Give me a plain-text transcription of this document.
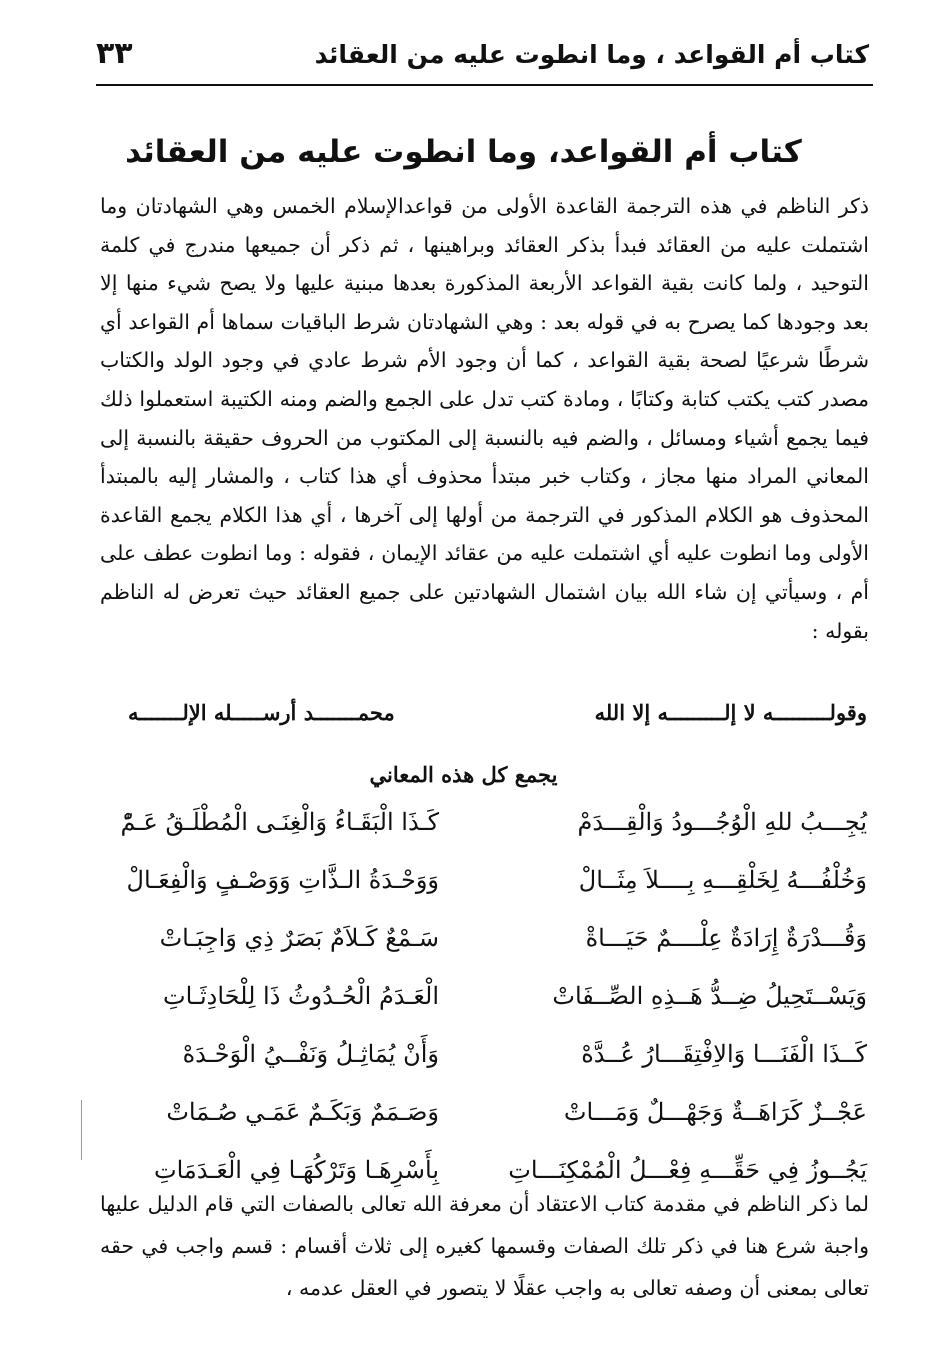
كتاب أم القواعد ، وما انطوت عليه من العقائد
٣٣
كتاب أم القواعد، وما انطوت عليه من العقائد

ذكر الناظم في هذه الترجمة القاعدة الأولى من قواعدالإسلام الخمس وهي الشهادتان وما اشتملت عليه من العقائد فبدأ بذكر العقائد وبراهينها ، ثم ذكر أن جميعها مندرج في كلمة التوحيد ، ولما كانت بقية القواعد الأربعة المذكورة بعدها مبنية عليها ولا يصح شيء منها إلا بعد وجودها كما يصرح به في قوله بعد : وهي الشهادتان شرط الباقيات سماها أم القواعد أي شرطًا شرعيًا لصحة بقية القواعد ، كما أن وجود الأم شرط عادي في وجود الولد والكتاب مصدر كتب يكتب كتابة وكتابًا ، ومادة كتب تدل على الجمع والضم ومنه الكتيبة استعملوا ذلك فيما يجمع أشياء ومسائل ، والضم فيه بالنسبة إلى المكتوب من الحروف حقيقة بالنسبة إلى المعاني المراد منها مجاز ، وكتاب خبر مبتدأ محذوف أي هذا كتاب ، والمشار إليه بالمبتدأ المحذوف هو الكلام المذكور في الترجمة من أولها إلى آخرها ، أي هذا الكلام يجمع القاعدة الأولى وما انطوت عليه أي اشتملت عليه من عقائد الإيمان ، فقوله : وما انطوت عطف على أم ، وسيأتي إن شاء الله بيان اشتمال الشهادتين على جميع العقائد حيث تعرض له الناظم بقوله :

وقولـــــــــه لا إلـــــــــه إلا الله
محمـــــــد أرســـــله الإلـــــــه
يجمع كل هذه المعاني
يُجِـــبُ للهِ الْوُجُـــودُ وَالْقِـــدَمْ
كَـذَا الْبَقَـاءُ وَالْغِنَـى الْمُطْلَـقُ عَـمّْ
وَخُلْفُـــهُ لِخَلْقِـــهِ بِــــلاَ مِثَــالْ
وَوَحْـدَةُ الـذَّاتِ وَوَصْـفٍ وَالْفِعَـالْ
وَقُـــدْرَةٌ إِرَادَةٌ عِلْــــمٌ حَيَـــاةْ
سَـمْعٌ كَـلاَمٌ بَصَرٌ ذِي وَاجِبَـاتْ
وَيَسْــتَحِيلُ ضِــدُّ هَــذِهِ الصِّــفَاتْ
الْعَـدَمُ الْحُـدُوثُ ذَا لِلْحَادِثَـاتِ
كَــذَا الْفَنَـــا وَالاِفْتِقَـــارُ عُــدَّهْ
وَأَنْ يُمَاثِـلُ وَنَفْــيُ الْوَحْـدَهْ
عَجْــزٌ كَرَاهَــةٌ وَجَهْـــلٌ وَمَـــاتْ
وَصَـمَمٌ وَبَكَـمٌ عَمَـي صُـمَاتْ
يَجُــوزُ فِي حَقِّـــهِ فِعْـــلُ الْمُمْكِنَـــاتِ
بِأَسْرِهَـا وَتَرْكُهَـا فِي الْعَـدَمَاتِ

لما ذكر الناظم في مقدمة كتاب الاعتقاد أن معرفة الله تعالى بالصفات التي قام الدليل عليها واجبة شرع هنا في ذكر تلك الصفات وقسمها كغيره إلى ثلاث أقسام : قسم واجب في حقه تعالى بمعنى أن وصفه تعالى به واجب عقلًا لا يتصور في العقل عدمه ،
